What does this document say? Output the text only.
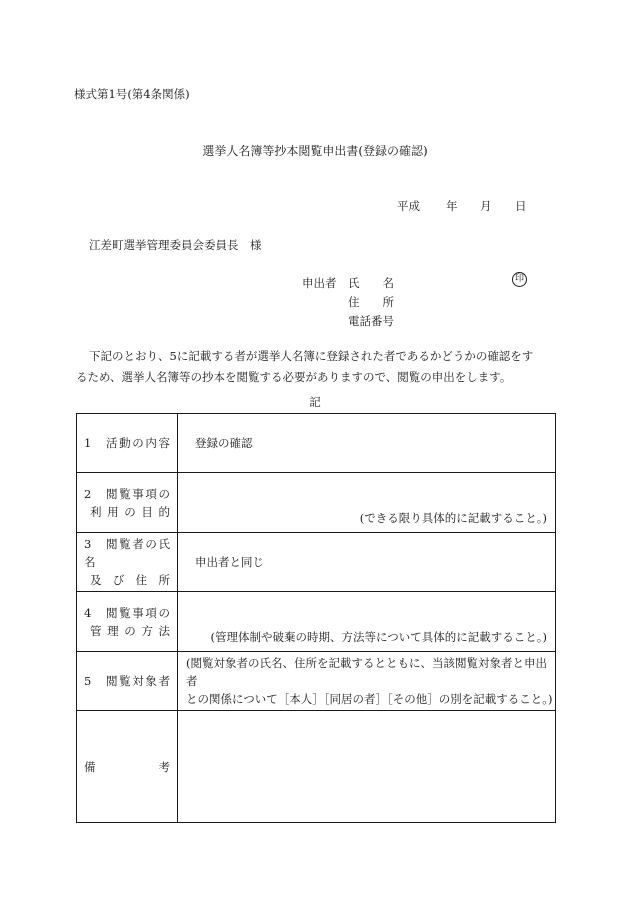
様式第1号(第4条関係)
選挙人名簿等抄本閲覧申出書(登録の確認)
平成 年 月 日
江差町選挙管理委員会委員長　様
申出者 氏　　名	印
住　　所
電話番号
下記のとおり、5に記載する者が選挙人名簿に登録された者であるかどうかの確認をす
るため、選挙人名簿等の抄本を閲覧する必要がありますので、閲覧の申出をします。
記
1　活動の内容	登録の確認

2　閲覧事項の
利用の目的	(できる限り具体的に記載すること。)

3　閲覧者の氏名
及び住所	申出者と同じ

4　閲覧事項の
管理の方法	(管理体制や破棄の時期、方法等について具体的に記載すること。)

5　閲覧対象者	(閲覧対象者の氏名、住所を記載するとともに、当該閲覧対象者と申出者
との関係について［本人］［同居の者］［その他］の別を記載すること。)

備考	
